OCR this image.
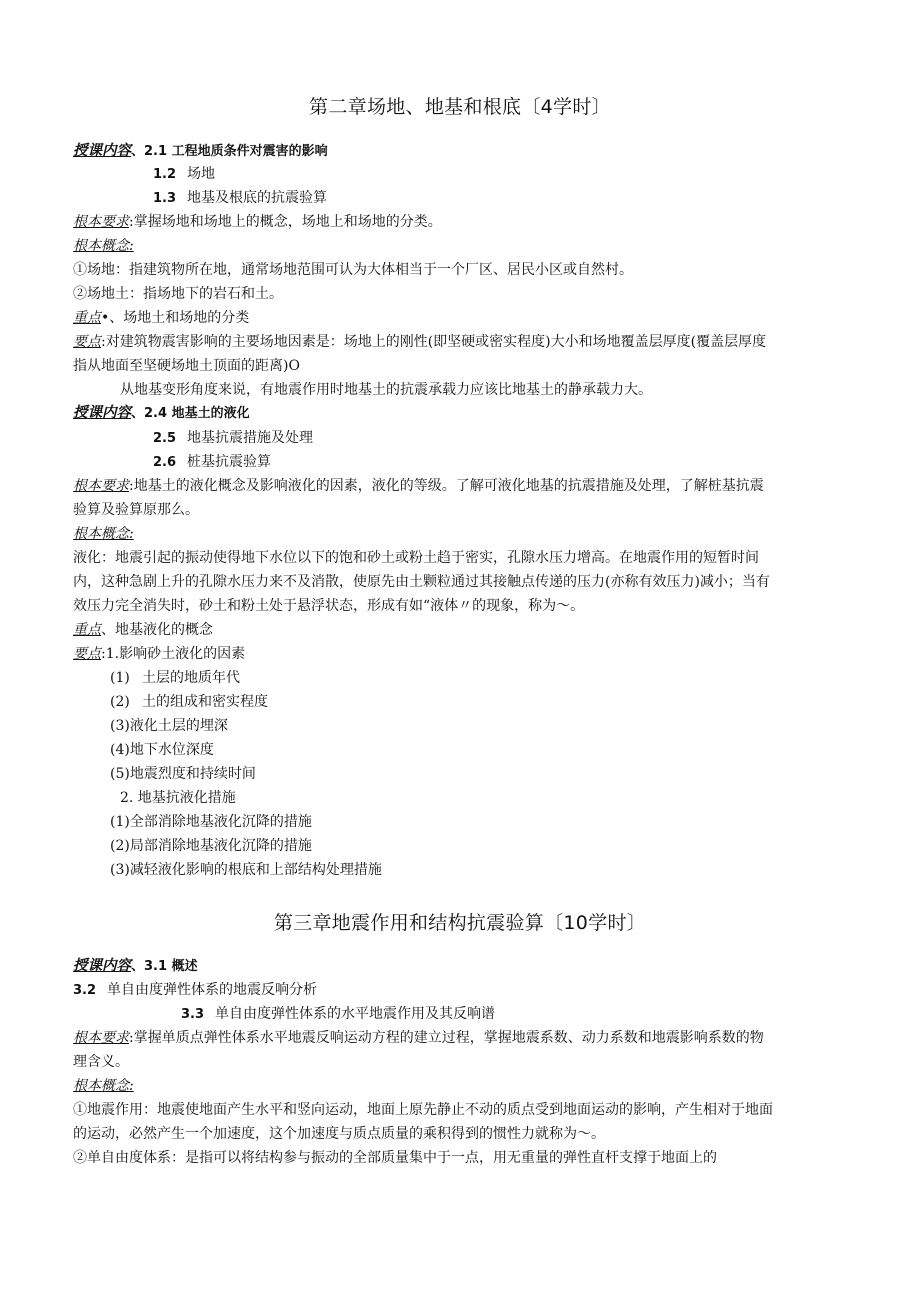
第二章场地、地基和根底〔4学时〕
授课内容、2.1 工程地质条件对震害的影响
1.2 场地
1.3 地基及根底的抗震验算
根本要求:掌握场地和场地上的概念，场地上和场地的分类。
根本概念:
①场地：指建筑物所在地，通常场地范围可认为大体相当于一个厂区、居民小区或自然村。
②场地土：指场地下的岩石和土。
重点•、场地土和场地的分类
要点:对建筑物震害影响的主要场地因素是：场地上的刚性(即坚硬或密实程度)大小和场地覆盖层厚度(覆盖层厚度
指从地面至坚硬场地土顶面的距离)O
从地基变形角度来说，有地震作用时地基土的抗震承载力应该比地基土的静承载力大。
授课内容、2.4 地基土的液化
2.5 地基抗震措施及处理
2.6 桩基抗震验算
根本要求:地基土的液化概念及影响液化的因素，液化的等级。了解可液化地基的抗震措施及处理，了解桩基抗震
验算及验算原那么。
根本概念:
液化：地震引起的振动使得地下水位以下的饱和砂土或粉土趋于密实，孔隙水压力增高。在地震作用的短暂时间
内，这种急剧上升的孔隙水压力来不及消散，使原先由土颗粒通过其接触点传递的压力(亦称有效压力)减小；当有
效压力完全消失时，砂土和粉土处于悬浮状态，形成有如“液体〃的现象，称为〜。
重点、地基液化的概念
要点:1.影响砂土液化的因素
(1) 土层的地质年代
(2) 土的组成和密实程度
(3)液化土层的埋深
(4)地下水位深度
(5)地震烈度和持续时间
2. 地基抗液化措施
(1)全部消除地基液化沉降的措施
(2)局部消除地基液化沉降的措施
(3)减轻液化影响的根底和上部结构处理措施
第三章地震作用和结构抗震验算〔10学时〕
授课内容、3.1 概述
3.2 单自由度弹性体系的地震反响分析
3.3 单自由度弹性体系的水平地震作用及其反响谱
根本要求:掌握单质点弹性体系水平地震反响运动方程的建立过程，掌握地震系数、动力系数和地震影响系数的物
理含义。
根本概念:
①地震作用：地震使地面产生水平和竖向运动，地面上原先静止不动的质点受到地面运动的影响，产生相对于地面
的运动，必然产生一个加速度，这个加速度与质点质量的乘积得到的惯性力就称为〜。
②单自由度体系：是指可以将结构参与振动的全部质量集中于一点，用无重量的弹性直杆支撑于地面上的
